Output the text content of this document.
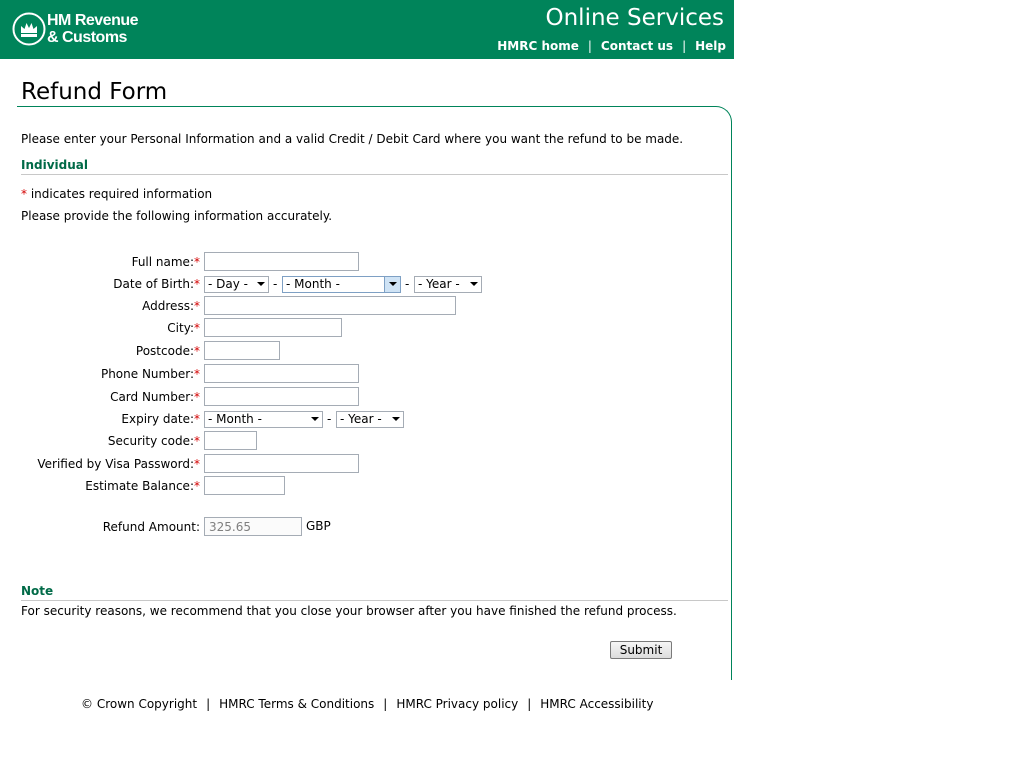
HM Revenue
& Customs
Online Services
HMRC home | Contact us | Help
Refund Form
Please enter your Personal Information and a valid Credit / Debit Card where you want the refund to be made.
Individual
* indicates required information
Please provide the following information accurately.
Full name:*
Date of Birth:* - Day -	- - Month -	- - Year -
Address:*
City:*
Postcode:*
Phone Number:*
Card Number:*
Expiry date:* - Month -	- - Year -
Security code:*
Verified by Visa Password:*
Estimate Balance:*
Refund Amount:
325.65	GBP
Note
For security reasons, we recommend that you close your browser after you have finished the refund process.
Submit
© Crown Copyright | HMRC Terms & Conditions | HMRC Privacy policy | HMRC Accessibility
